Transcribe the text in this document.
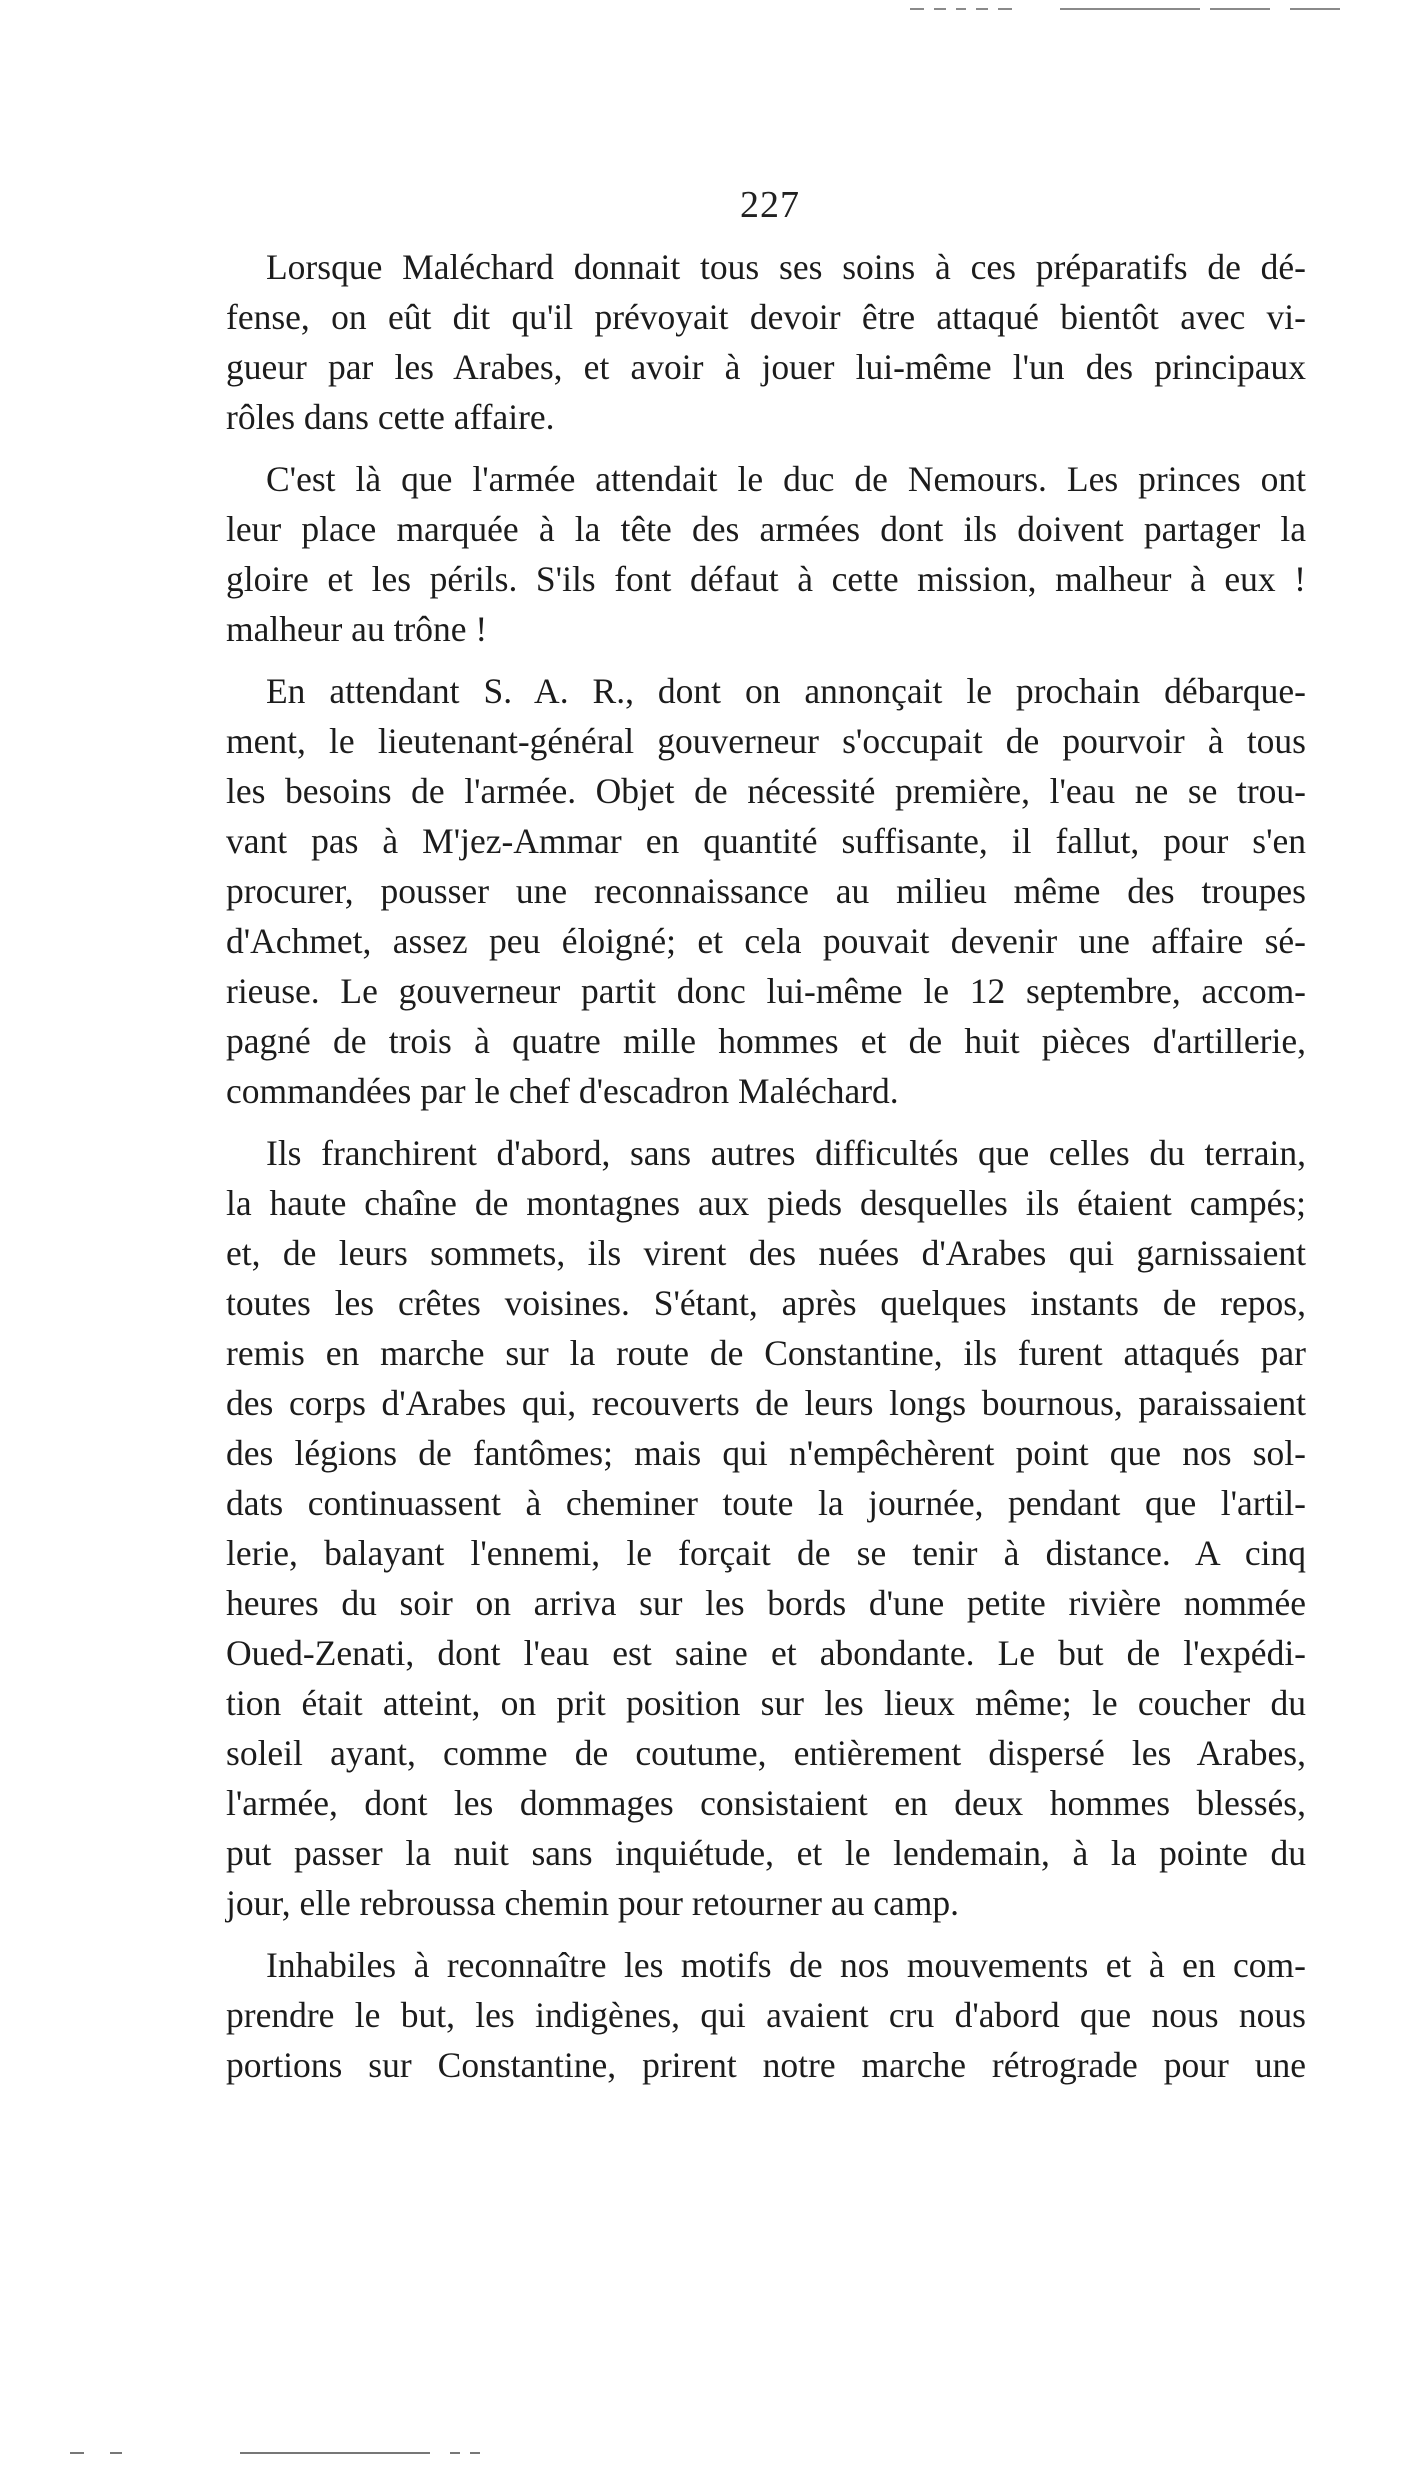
227
Lorsque Maléchard donnait tous ses soins à ces préparatifs de dé-
fense, on eût dit qu'il prévoyait devoir être attaqué bientôt avec vi-
gueur par les Arabes, et avoir à jouer lui-même l'un des principaux
rôles dans cette affaire.
C'est là que l'armée attendait le duc de Nemours. Les princes ont
leur place marquée à la tête des armées dont ils doivent partager la
gloire et les périls. S'ils font défaut à cette mission, malheur à eux !
malheur au trône !
En attendant S. A. R., dont on annonçait le prochain débarque-
ment, le lieutenant-général gouverneur s'occupait de pourvoir à tous
les besoins de l'armée. Objet de nécessité première, l'eau ne se trou-
vant pas à M'jez-Ammar en quantité suffisante, il fallut, pour s'en
procurer, pousser une reconnaissance au milieu même des troupes
d'Achmet, assez peu éloigné; et cela pouvait devenir une affaire sé-
rieuse. Le gouverneur partit donc lui-même le 12 septembre, accom-
pagné de trois à quatre mille hommes et de huit pièces d'artillerie,
commandées par le chef d'escadron Maléchard.
Ils franchirent d'abord, sans autres difficultés que celles du terrain,
la haute chaîne de montagnes aux pieds desquelles ils étaient campés;
et, de leurs sommets, ils virent des nuées d'Arabes qui garnissaient
toutes les crêtes voisines. S'étant, après quelques instants de repos,
remis en marche sur la route de Constantine, ils furent attaqués par
des corps d'Arabes qui, recouverts de leurs longs bournous, paraissaient
des légions de fantômes; mais qui n'empêchèrent point que nos sol-
dats continuassent à cheminer toute la journée, pendant que l'artil-
lerie, balayant l'ennemi, le forçait de se tenir à distance. A cinq
heures du soir on arriva sur les bords d'une petite rivière nommée
Oued-Zenati, dont l'eau est saine et abondante. Le but de l'expédi-
tion était atteint, on prit position sur les lieux même; le coucher du
soleil ayant, comme de coutume, entièrement dispersé les Arabes,
l'armée, dont les dommages consistaient en deux hommes blessés,
put passer la nuit sans inquiétude, et le lendemain, à la pointe du
jour, elle rebroussa chemin pour retourner au camp.
Inhabiles à reconnaître les motifs de nos mouvements et à en com-
prendre le but, les indigènes, qui avaient cru d'abord que nous nous
portions sur Constantine, prirent notre marche rétrograde pour une
